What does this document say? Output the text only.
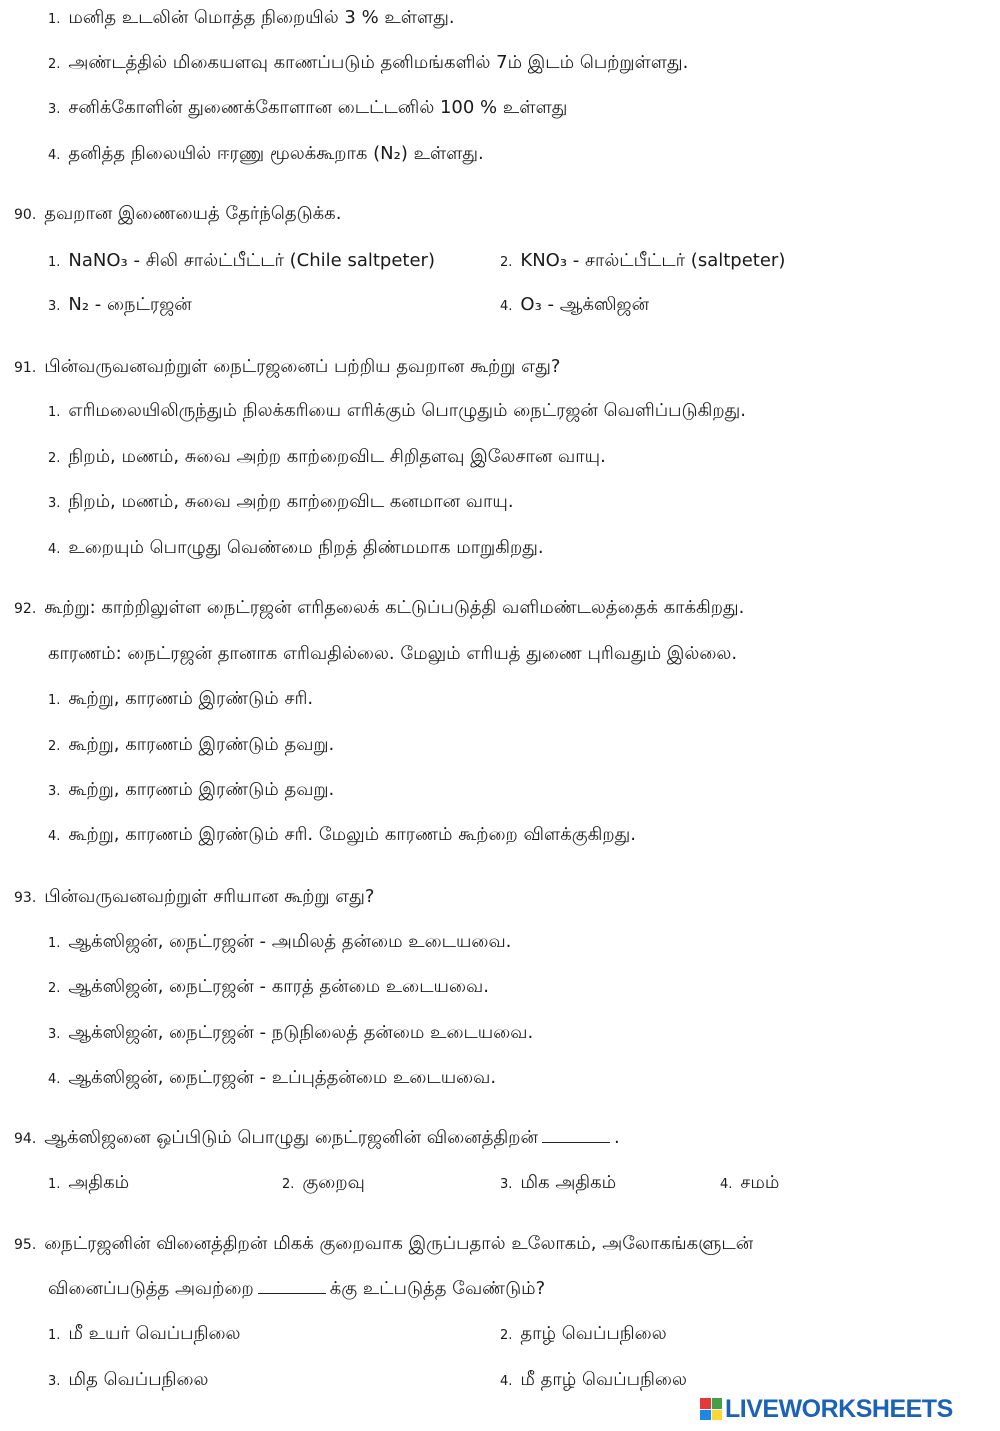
1. மனித உடலின் மொத்த நிறையில் 3 % உள்ளது.
2. அண்டத்தில் மிகையளவு காணப்படும் தனிமங்களில் 7ம் இடம் பெற்றுள்ளது.
3. சனிக்கோளின் துணைக்கோளான டைட்டனில் 100 % உள்ளது
4. தனித்த நிலையில் ஈரணு மூலக்கூறாக (N₂) உள்ளது.
90. தவறான இணையைத் தேர்ந்தெடுக்க.
1. NaNO₃ - சிலி சால்ட்பீட்டர் (Chile saltpeter)	2. KNO₃ - சால்ட்பீட்டர் (saltpeter)
3. N₂ - நைட்ரஜன்	4. O₃ - ஆக்ஸிஜன்
91. பின்வருவனவற்றுள் நைட்ரஜனைப் பற்றிய தவறான கூற்று எது?
1. எரிமலையிலிருந்தும் நிலக்கரியை எரிக்கும் பொழுதும் நைட்ரஜன் வெளிப்படுகிறது.
2. நிறம், மணம், சுவை அற்ற காற்றைவிட சிறிதளவு இலேசான வாயு.
3. நிறம், மணம், சுவை அற்ற காற்றைவிட கனமான வாயு.
4. உறையும் பொழுது வெண்மை நிறத் திண்மமாக மாறுகிறது.
92. கூற்று: காற்றிலுள்ள நைட்ரஜன் எரிதலைக் கட்டுப்படுத்தி வளிமண்டலத்தைக் காக்கிறது.
காரணம்: நைட்ரஜன் தானாக எரிவதில்லை. மேலும் எரியத் துணை புரிவதும் இல்லை.
1. கூற்று, காரணம் இரண்டும் சரி.
2. கூற்று, காரணம் இரண்டும் தவறு.
3. கூற்று, காரணம் இரண்டும் தவறு.
4. கூற்று, காரணம் இரண்டும் சரி. மேலும் காரணம் கூற்றை விளக்குகிறது.
93. பின்வருவனவற்றுள் சரியான கூற்று எது?
1. ஆக்ஸிஜன், நைட்ரஜன் - அமிலத் தன்மை உடையவை.
2. ஆக்ஸிஜன், நைட்ரஜன் - காரத் தன்மை உடையவை.
3. ஆக்ஸிஜன், நைட்ரஜன் - நடுநிலைத் தன்மை உடையவை.
4. ஆக்ஸிஜன், நைட்ரஜன் - உப்புத்தன்மை உடையவை.
94. ஆக்ஸிஜனை ஒப்பிடும் பொழுது நைட்ரஜனின் வினைத்திறன்	.
1. அதிகம்	2. குறைவு	3. மிக அதிகம்	4. சமம்
95. நைட்ரஜனின் வினைத்திறன் மிகக் குறைவாக இருப்பதால் உலோகம், அலோகங்களுடன்
வினைப்படுத்த அவற்றை	க்கு உட்படுத்த வேண்டும்?
1. மீ உயர் வெப்பநிலை	2. தாழ் வெப்பநிலை
3. மித வெப்பநிலை	4. மீ தாழ் வெப்பநிலை
LIVEWORKSHEETS
